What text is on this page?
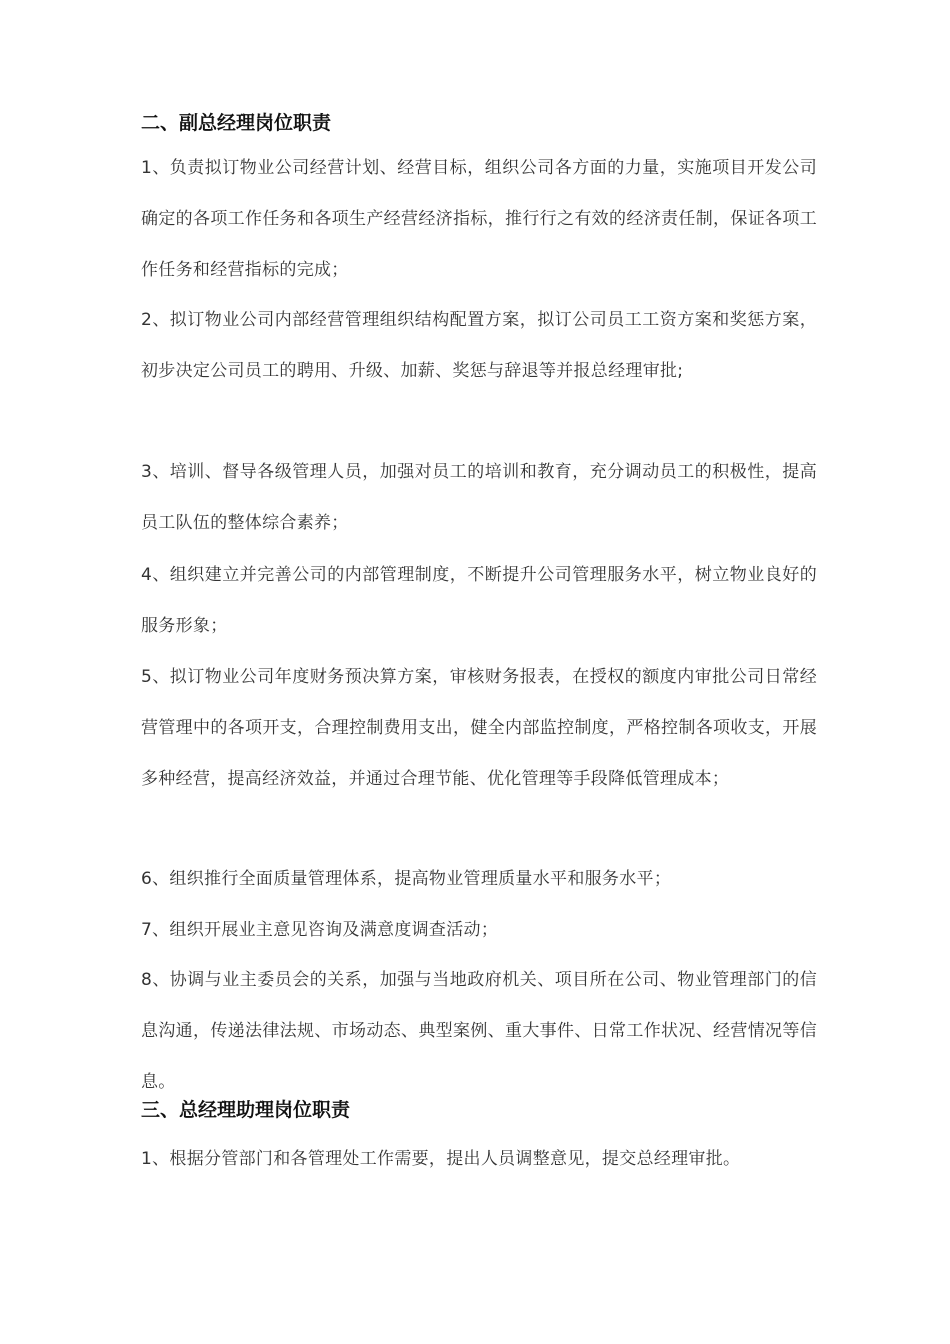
二、副总经理岗位职责
1、负责拟订物业公司经营计划、经营目标，组织公司各方面的力量，实施项目开发公司确定的各项工作任务和各项生产经营经济指标，推行行之有效的经济责任制，保证各项工作任务和经营指标的完成；
2、拟订物业公司内部经营管理组织结构配置方案，拟订公司员工工资方案和奖惩方案，初步决定公司员工的聘用、升级、加薪、奖惩与辞退等并报总经理审批;
3、培训、督导各级管理人员，加强对员工的培训和教育，充分调动员工的积极性，提高员工队伍的整体综合素养；
4、组织建立并完善公司的内部管理制度，不断提升公司管理服务水平，树立物业良好的服务形象；
5、拟订物业公司年度财务预决算方案，审核财务报表，在授权的额度内审批公司日常经营管理中的各项开支，合理控制费用支出，健全内部监控制度，严格控制各项收支，开展多种经营，提高经济效益，并通过合理节能、优化管理等手段降低管理成本；
6、组织推行全面质量管理体系，提高物业管理质量水平和服务水平；
7、组织开展业主意见咨询及满意度调查活动；
8、协调与业主委员会的关系，加强与当地政府机关、项目所在公司、物业管理部门的信息沟通，传递法律法规、市场动态、典型案例、重大事件、日常工作状况、经营情况等信息。
三、总经理助理岗位职责
1、根据分管部门和各管理处工作需要，提出人员调整意见，提交总经理审批。
